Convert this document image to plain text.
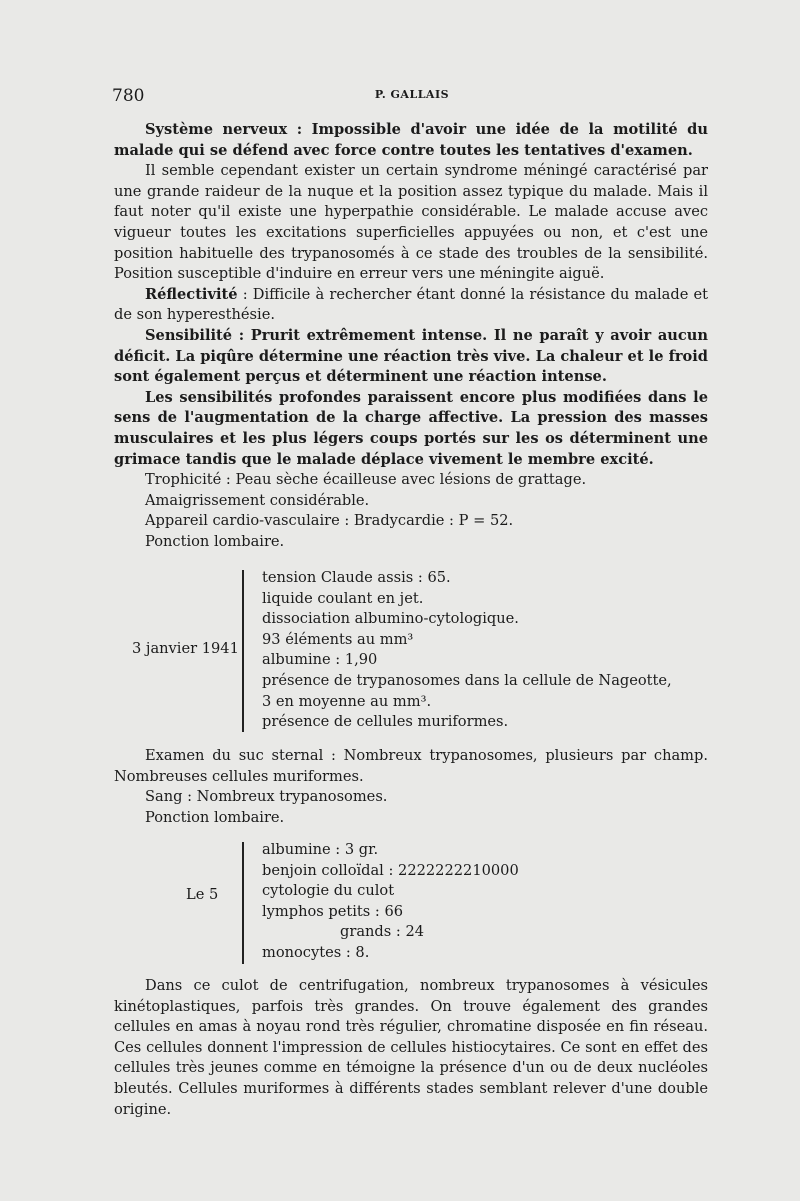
780	P. GALLAIS

Système nerveux : Impossible d'avoir une idée de la motilité du malade qui se défend avec force contre toutes les tentatives d'examen.

Il semble cependant exister un certain syndrome méningé caractérisé par une grande raideur de la nuque et la position assez typique du malade. Mais il faut noter qu'il existe une hyperpathie considérable. Le malade accuse avec vigueur toutes les excitations superficielles appuyées ou non, et c'est une position habituelle des trypanosomés à ce stade des troubles de la sensibilité. Position susceptible d'induire en erreur vers une méningite aiguë.

Réflectivité : Difficile à rechercher étant donné la résistance du malade et de son hyperesthésie.

Sensibilité : Prurit extrêmement intense. Il ne paraît y avoir aucun déficit. La piqûre détermine une réaction très vive. La chaleur et le froid sont également perçus et déterminent une réaction intense.

Les sensibilités profondes paraissent encore plus modifiées dans le sens de l'augmentation de la charge affective. La pression des masses musculaires et les plus légers coups portés sur les os déterminent une grimace tandis que le malade déplace vivement le membre excité.

Trophicité : Peau sèche écailleuse avec lésions de grattage.

Amaigrissement considérable.

Appareil cardio-vasculaire : Bradycardie : P = 52.

Ponction lombaire.

3 janvier 1941
tension Claude assis : 65.
liquide coulant en jet.
dissociation albumino-cytologique.
93 éléments au mm³
albumine : 1,90
présence de trypanosomes dans la cellule de Nageotte,
3 en moyenne au mm³.
présence de cellules muriformes.

Examen du suc sternal : Nombreux trypanosomes, plusieurs par champ. Nombreuses cellules muriformes.

Sang : Nombreux trypanosomes.

Ponction lombaire.

Le 5
albumine : 3 gr.
benjoin colloïdal : 2222222210000
cytologie du culot
lymphos petits : 66
grands : 24
monocytes : 8.

Dans ce culot de centrifugation, nombreux trypanosomes à vésicules kinétoplastiques, parfois très grandes. On trouve également des grandes cellules en amas à noyau rond très régulier, chromatine disposée en fin réseau. Ces cellules donnent l'impression de cellules histiocytaires. Ce sont en effet des cellules très jeunes comme en témoigne la présence d'un ou de deux nucléoles bleutés. Cellules muriformes à différents stades semblant relever d'une double origine.
